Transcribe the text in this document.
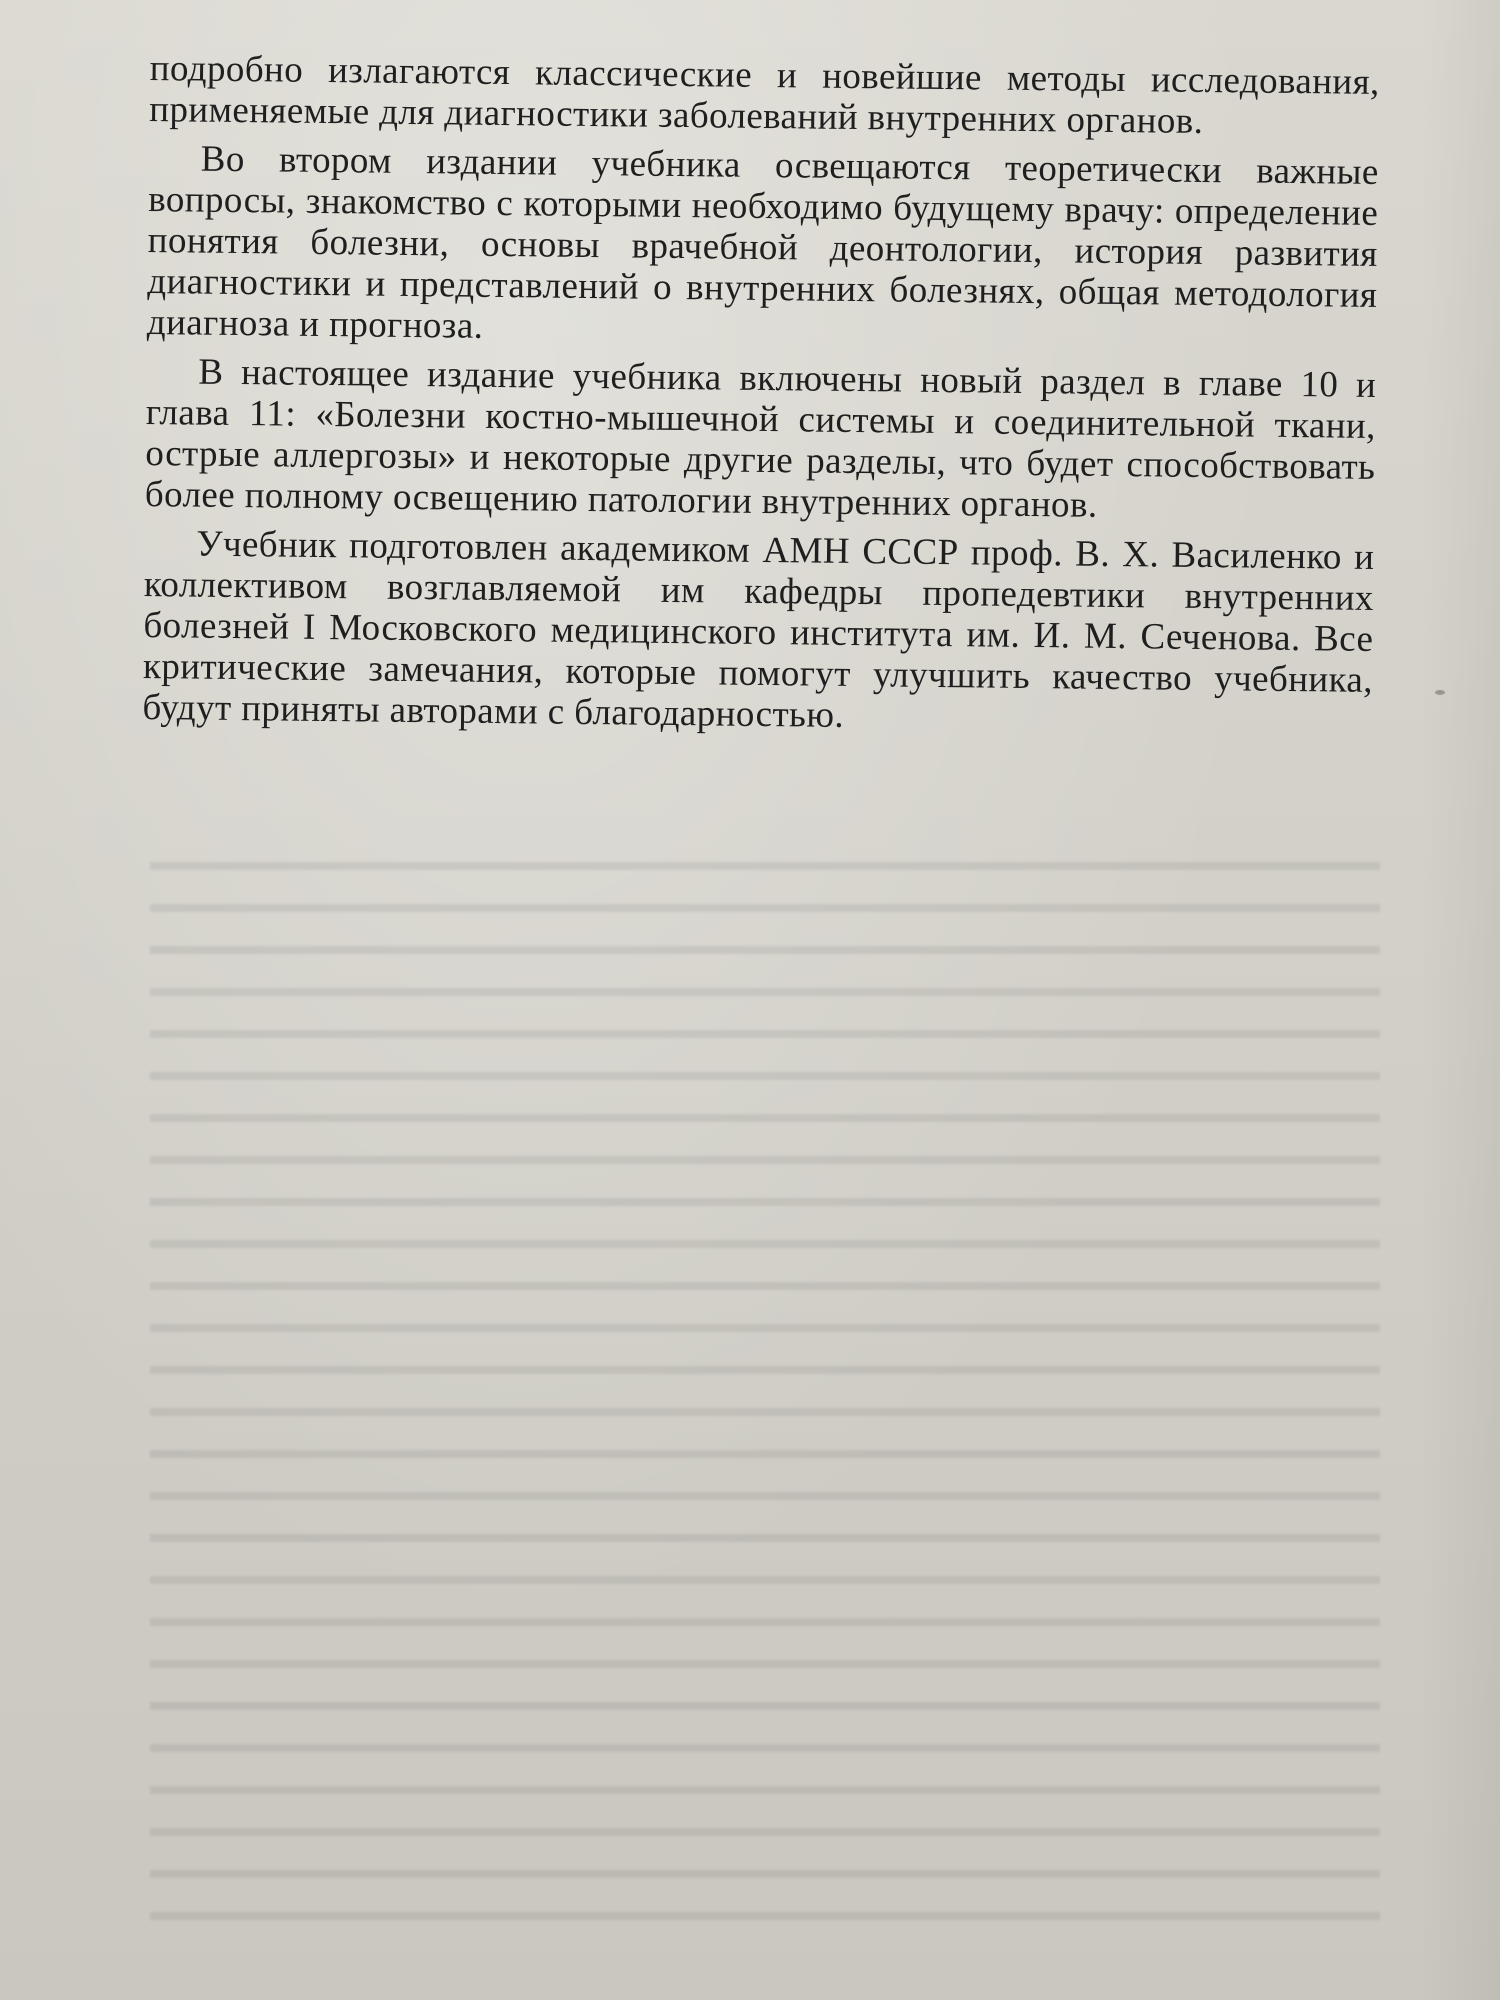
подробно излагаются классические и новейшие методы исследования, применяемые для диагностики заболеваний внутренних органов.

Во втором издании учебника освещаются теоретически важные вопросы, знакомство с которыми необходимо будущему врачу: определение понятия болезни, основы врачебной деонтологии, история развития диагностики и представлений о внутренних болезнях, общая методология диагноза и прогноза.

В настоящее издание учебника включены новый раздел в главе 10 и глава 11: «Болезни костно-мышечной системы и соединительной ткани, острые аллергозы» и некоторые другие разделы, что будет способствовать более полному освещению патологии внутренних органов.

Учебник подготовлен академиком АМН СССР проф. В. Х. Василенко и коллективом возглавляемой им кафедры пропедевтики внутренних болезней I Московского медицинского института им. И. М. Сеченова. Все критические замечания, которые помогут улучшить качество учебника, будут приняты авторами с благодарностью.
